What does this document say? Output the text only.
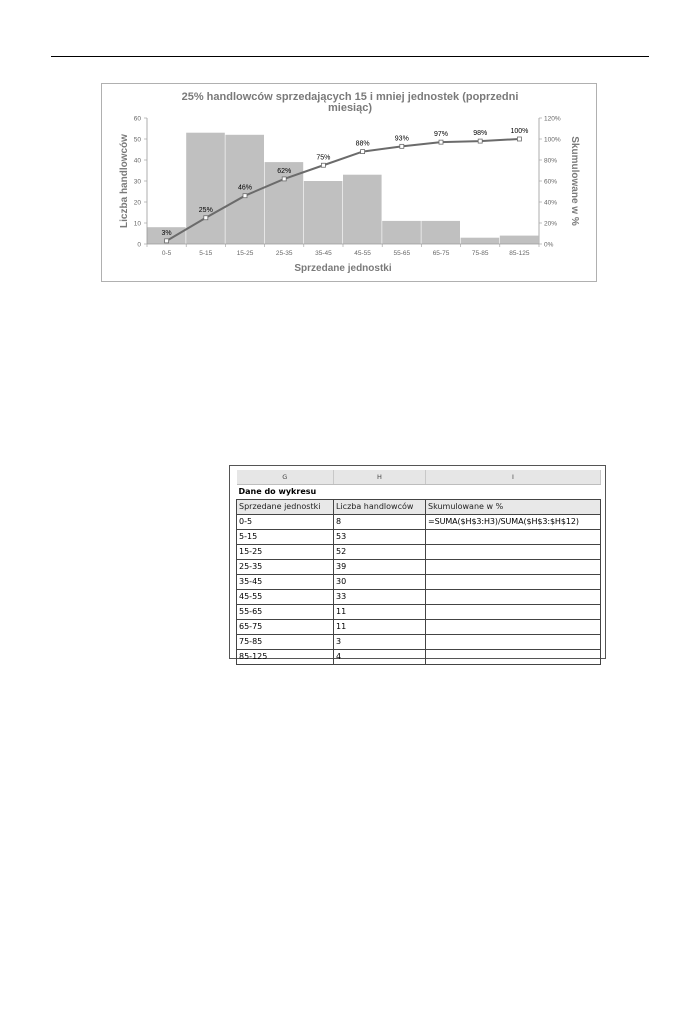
25% handlowców sprzedających 15 i mniej jednostek (poprzedni
miesiąc)
0
10
20
30
40
50
60
0%
20%
40%
60%
80%
100%
120%
0-5	5-15	15-25	25-35	35-45	45-55	55-65	65-75	75-85	85-125
Sprzedane jednostki
Liczba handlowców	Skumulowane w %
3%
25%
46%
62%
75%
88%
93%
97%	98%	100%
G	H	I
Dane do wykresu		
Sprzedane jednostki	Liczba handlowców	Skumulowane w %
0-5	8	=SUMA($H$3:H3)/SUMA($H$3:$H$12)
5-15	53	
15-25	52	
25-35	39	
35-45	30	
45-55	33	
55-65	11	
65-75	11	
75-85	3	
85-125	4	
